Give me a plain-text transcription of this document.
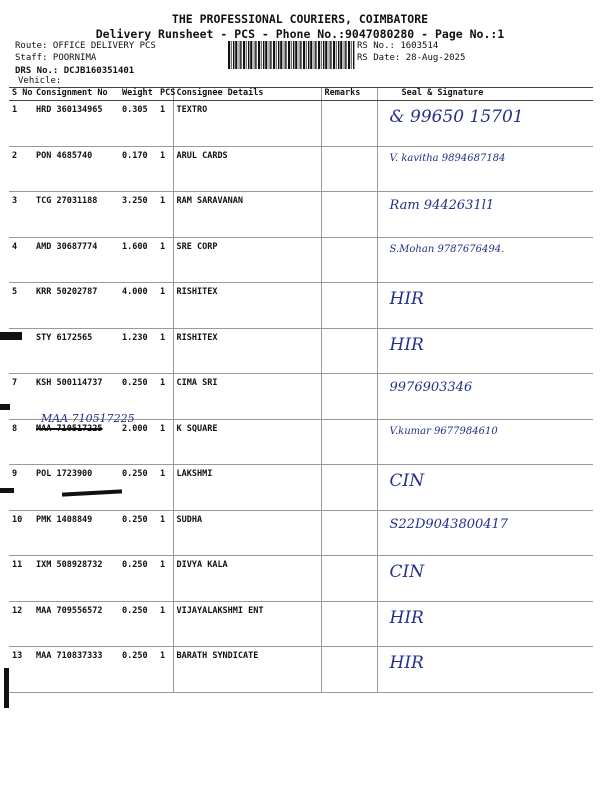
THE PROFESSIONAL COURIERS, COIMBATORE
Delivery Runsheet - PCS - Phone No.:9047080280 - Page No.:1
Route: OFFICE DELIVERY PCS
Staff: POORNIMA
DRS No.: DCJB160351401
Vehicle:
RS No.: 1603514
RS Date: 28-Aug-2025
S No	Consignment No	Weight	PCS	Consignee Details	Remarks	Seal & Signature
1	HRD 360134965	0.305	1	TEXTRO		& 99650 15701

2	PON 4685740	0.170	1	ARUL CARDS		V. kavitha 9894687184

3	TCG 27031188	3.250	1	RAM SARAVANAN		Ram 9442631l1

4	AMD 30687774	1.600	1	SRE CORP		S.Mohan 9787676494.

5	KRR 50202787	4.000	1	RISHITEX		HIR

	STY 6172565	1.230	1	RISHITEX		HIR

7	KSH 500114737	0.250	1	CIMA SRI		9976903346

8	MAA 710517225	2.000	1	K SQUARE		V.kumar 9677984610

9	POL 1723900	0.250	1	LAKSHMI		CIN

10	PMK 1408849	0.250	1	SUDHA		S22D9043800417

11	IXM 508928732	0.250	1	DIVYA KALA		CIN

12	MAA 709556572	0.250	1	VIJAYALAKSHMI ENT		HIR

13	MAA 710837333	0.250	1	BARATH SYNDICATE		HIR
MAA 710517225
